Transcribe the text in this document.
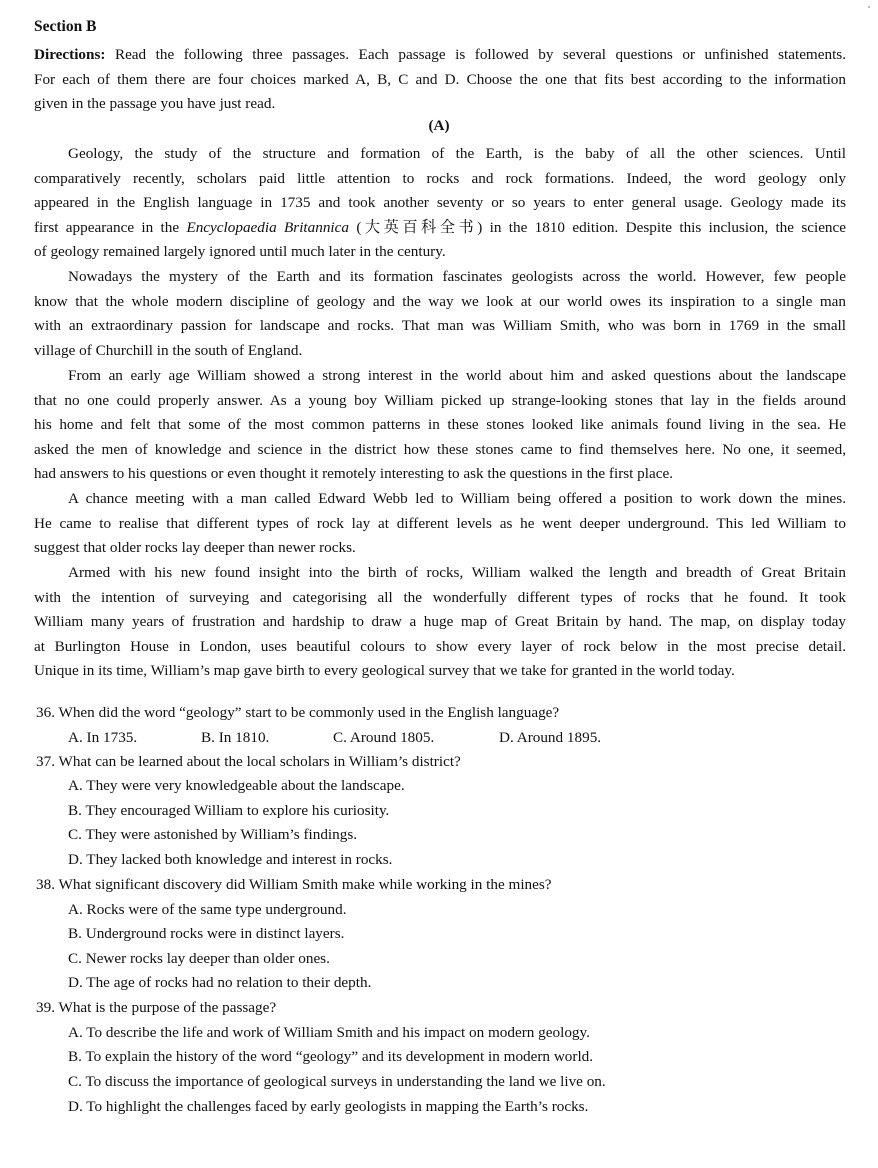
Section B
Directions: Read the following three passages. Each passage is followed by several questions or unfinished statements.
For each of them there are four choices marked A, B, C and D. Choose the one that fits best according to the information
given in the passage you have just read.
(A)
Geology, the study of the structure and formation of the Earth, is the baby of all the other sciences. Until
comparatively recently, scholars paid little attention to rocks and rock formations. Indeed, the word geology only
appeared in the English language in 1735 and took another seventy or so years to enter general usage. Geology made its
first appearance in the Encyclopaedia Britannica (大英百科全书) in the 1810 edition. Despite this inclusion, the science
of geology remained largely ignored until much later in the century.
Nowadays the mystery of the Earth and its formation fascinates geologists across the world. However, few people
know that the whole modern discipline of geology and the way we look at our world owes its inspiration to a single man
with an extraordinary passion for landscape and rocks. That man was William Smith, who was born in 1769 in the small
village of Churchill in the south of England.
From an early age William showed a strong interest in the world about him and asked questions about the landscape
that no one could properly answer. As a young boy William picked up strange-looking stones that lay in the fields around
his home and felt that some of the most common patterns in these stones looked like animals found living in the sea. He
asked the men of knowledge and science in the district how these stones came to find themselves here. No one, it seemed,
had answers to his questions or even thought it remotely interesting to ask the questions in the first place.
A chance meeting with a man called Edward Webb led to William being offered a position to work down the mines.
He came to realise that different types of rock lay at different levels as he went deeper underground. This led William to
suggest that older rocks lay deeper than newer rocks.
Armed with his new found insight into the birth of rocks, William walked the length and breadth of Great Britain
with the intention of surveying and categorising all the wonderfully different types of rocks that he found. It took
William many years of frustration and hardship to draw a huge map of Great Britain by hand. The map, on display today
at Burlington House in London, uses beautiful colours to show every layer of rock below in the most precise detail.
Unique in its time, William’s map gave birth to every geological survey that we take for granted in the world today.
36. When did the word “geology” start to be commonly used in the English language?
A. In 1735.	B. In 1810.	C. Around 1805.	D. Around 1895.
37. What can be learned about the local scholars in William’s district?
A. They were very knowledgeable about the landscape.
B. They encouraged William to explore his curiosity.
C. They were astonished by William’s findings.
D. They lacked both knowledge and interest in rocks.
38. What significant discovery did William Smith make while working in the mines?
A. Rocks were of the same type underground.
B. Underground rocks were in distinct layers.
C. Newer rocks lay deeper than older ones.
D. The age of rocks had no relation to their depth.
39. What is the purpose of the passage?
A. To describe the life and work of William Smith and his impact on modern geology.
B. To explain the history of the word “geology” and its development in modern world.
C. To discuss the importance of geological surveys in understanding the land we live on.
D. To highlight the challenges faced by early geologists in mapping the Earth’s rocks.
